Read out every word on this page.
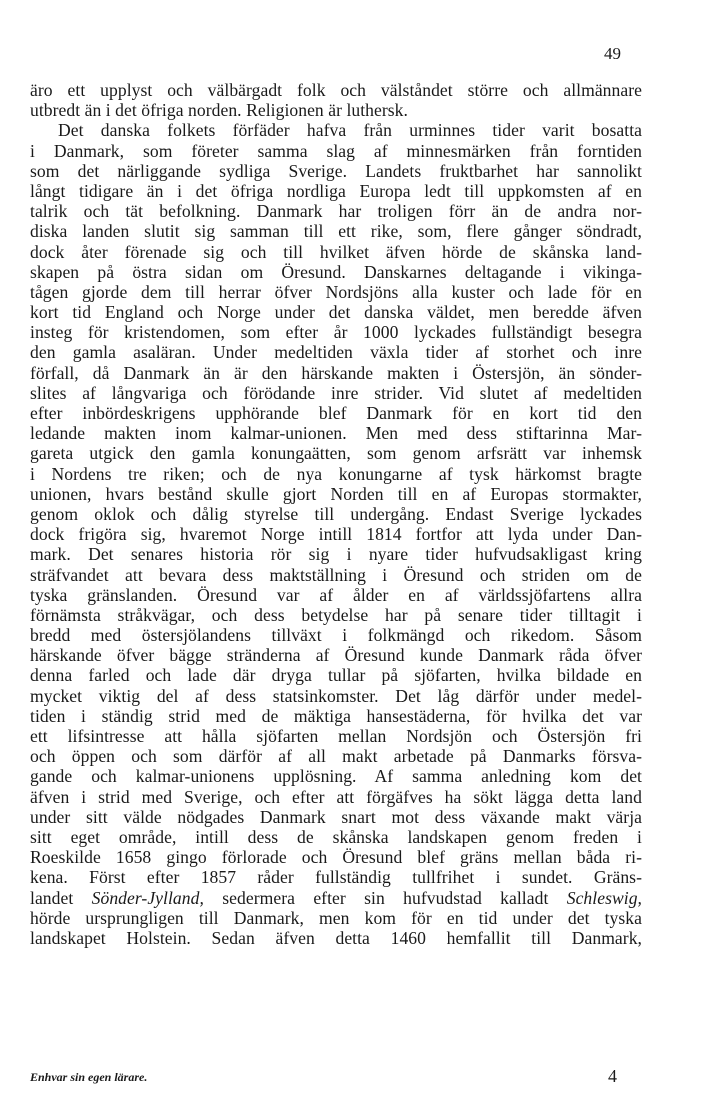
49
äro ett upplyst och välbärgadt folk och välståndet större och allmännare
utbredt än i det öfriga norden. Religionen är luthersk.
Det danska folkets förfäder hafva från urminnes tider varit bosatta
i Danmark, som företer samma slag af minnesmärken från forntiden
som det närliggande sydliga Sverige. Landets fruktbarhet har sannolikt
långt tidigare än i det öfriga nordliga Europa ledt till uppkomsten af en
talrik och tät befolkning. Danmark har troligen förr än de andra nor-
diska landen slutit sig samman till ett rike, som, flere gånger söndradt,
dock åter förenade sig och till hvilket äfven hörde de skånska land-
skapen på östra sidan om Öresund. Danskarnes deltagande i vikinga-
tågen gjorde dem till herrar öfver Nordsjöns alla kuster och lade för en
kort tid England och Norge under det danska väldet, men beredde äfven
insteg för kristendomen, som efter år 1000 lyckades fullständigt besegra
den gamla asaläran. Under medeltiden växla tider af storhet och inre
förfall, då Danmark än är den härskande makten i Östersjön, än sönder-
slites af långvariga och förödande inre strider. Vid slutet af medeltiden
efter inbördeskrigens upphörande blef Danmark för en kort tid den
ledande makten inom kalmar-unionen. Men med dess stiftarinna Mar-
gareta utgick den gamla konungaätten, som genom arfsrätt var inhemsk
i Nordens tre riken; och de nya konungarne af tysk härkomst bragte
unionen, hvars bestånd skulle gjort Norden till en af Europas stormakter,
genom oklok och dålig styrelse till undergång. Endast Sverige lyckades
dock frigöra sig, hvaremot Norge intill 1814 fortfor att lyda under Dan-
mark. Det senares historia rör sig i nyare tider hufvudsakligast kring
sträfvandet att bevara dess maktställning i Öresund och striden om de
tyska gränslanden. Öresund var af ålder en af världssjöfartens allra
förnämsta stråkvägar, och dess betydelse har på senare tider tilltagit i
bredd med östersjölandens tillväxt i folkmängd och rikedom. Såsom
härskande öfver bägge stränderna af Öresund kunde Danmark råda öfver
denna farled och lade där dryga tullar på sjöfarten, hvilka bildade en
mycket viktig del af dess statsinkomster. Det låg därför under medel-
tiden i ständig strid med de mäktiga hansestäderna, för hvilka det var
ett lifsintresse att hålla sjöfarten mellan Nordsjön och Östersjön fri
och öppen och som därför af all makt arbetade på Danmarks försva-
gande och kalmar-unionens upplösning. Af samma anledning kom det
äfven i strid med Sverige, och efter att förgäfves ha sökt lägga detta land
under sitt välde nödgades Danmark snart mot dess växande makt värja
sitt eget område, intill dess de skånska landskapen genom freden i
Roeskilde 1658 gingo förlorade och Öresund blef gräns mellan båda ri-
kena. Först efter 1857 råder fullständig tullfrihet i sundet. Gräns-
landet Sönder-Jylland, sedermera efter sin hufvudstad kalladt Schleswig,
hörde ursprungligen till Danmark, men kom för en tid under det tyska
landskapet Holstein. Sedan äfven detta 1460 hemfallit till Danmark,
Enhvar sin egen lärare.	4
